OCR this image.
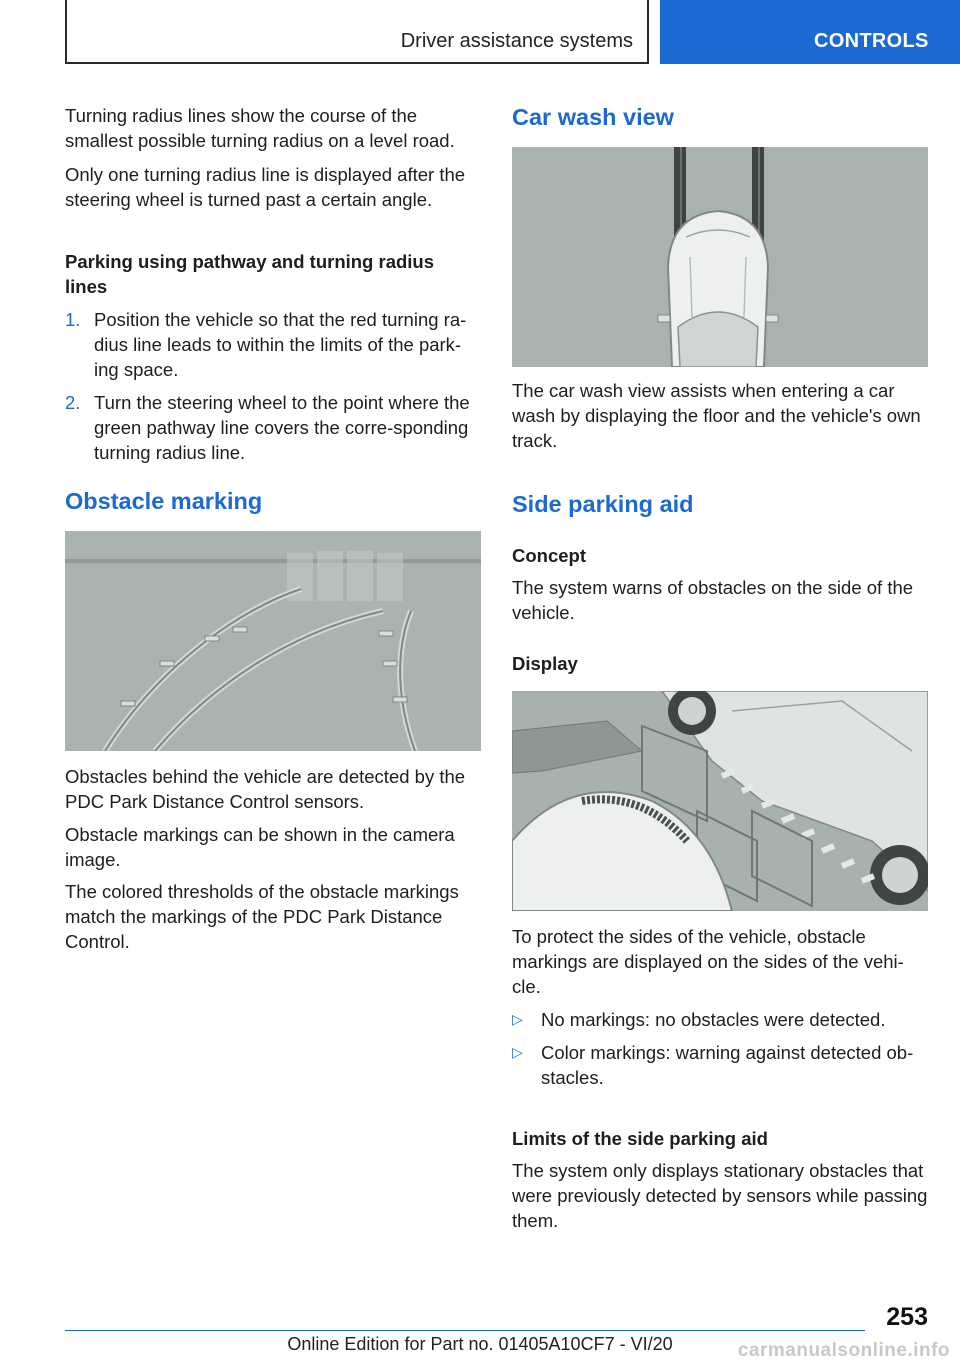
Driver assistance systems	CONTROLS

Turning radius lines show the course of the smallest possible turning radius on a level road.

Only one turning radius line is displayed after the steering wheel is turned past a certain angle.

Parking using pathway and turning radius lines
1. Position the vehicle so that the red turning ra‐dius line leads to within the limits of the park‐ing space.
2. Turn the steering wheel to the point where the green pathway line covers the corre‐sponding turning radius line.
Obstacle marking

Obstacles behind the vehicle are detected by the PDC Park Distance Control sensors.

Obstacle markings can be shown in the camera image.

The colored thresholds of the obstacle markings match the markings of the PDC Park Distance Control.

Car wash view

The car wash view assists when entering a car wash by displaying the floor and the vehicle's own track.

Side parking aid
Concept

The system warns of obstacles on the side of the vehicle.

Display

To protect the sides of the vehicle, obstacle markings are displayed on the sides of the vehi‐cle.

▷ No markings: no obstacles were detected.
▷ Color markings: warning against detected ob‐stacles.
Limits of the side parking aid

The system only displays stationary obstacles that were previously detected by sensors while passing them.

253
Online Edition for Part no. 01405A10CF7 - VI/20	carmanualsonline.info
